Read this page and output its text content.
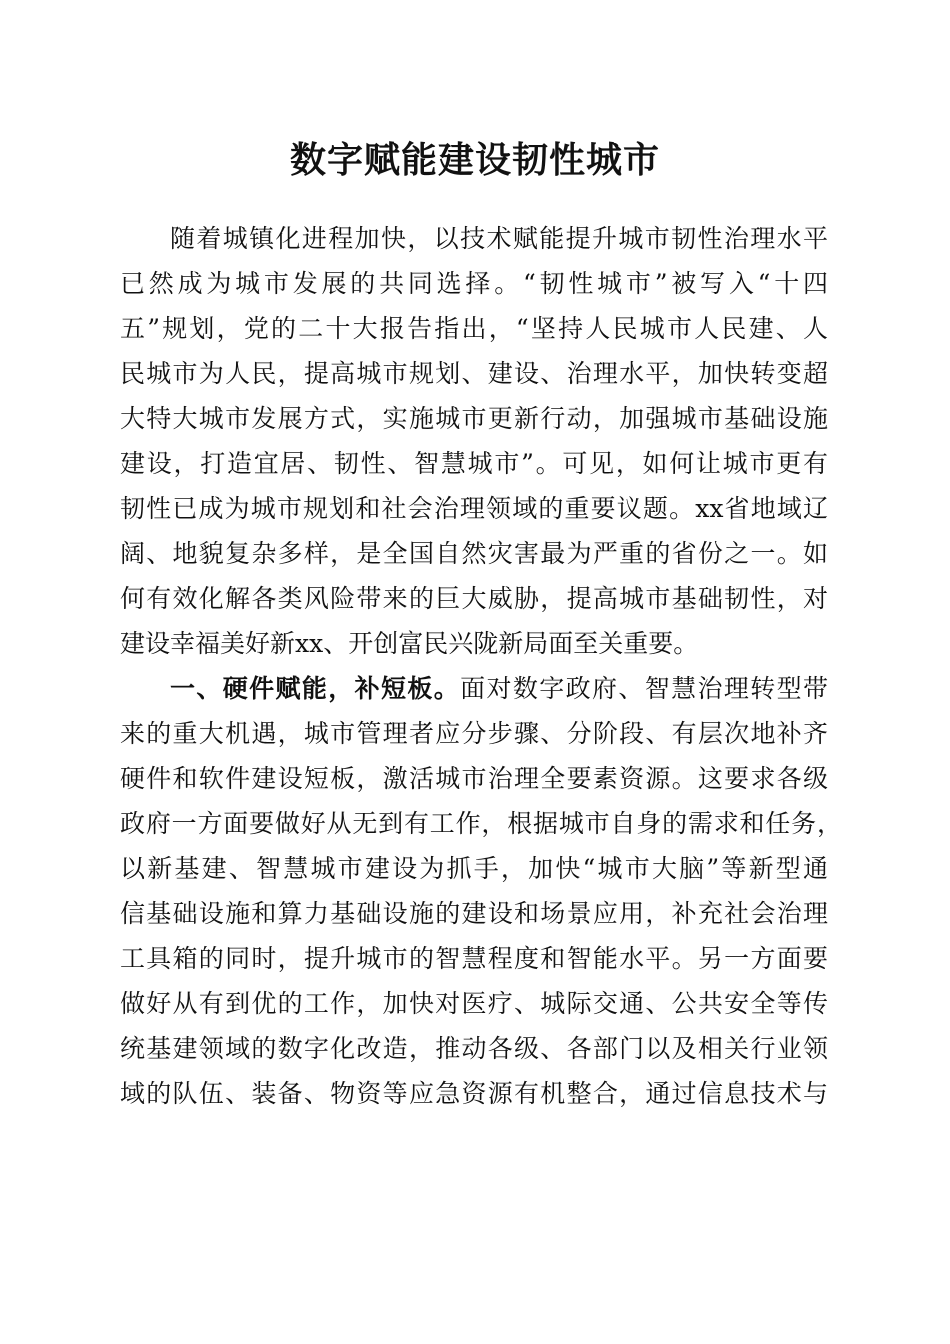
数字赋能建设韧性城市
随着城镇化进程加快，以技术赋能提升城市韧性治理水平
已然成为城市发展的共同选择。“韧性城市”被写入“十四
五”规划，党的二十大报告指出，“坚持人民城市人民建、人
民城市为人民，提高城市规划、建设、治理水平，加快转变超
大特大城市发展方式，实施城市更新行动，加强城市基础设施
建设，打造宜居、韧性、智慧城市”。可见，如何让城市更有
韧性已成为城市规划和社会治理领域的重要议题。xx省地域辽
阔、地貌复杂多样，是全国自然灾害最为严重的省份之一。如
何有效化解各类风险带来的巨大威胁，提高城市基础韧性，对
建设幸福美好新xx、开创富民兴陇新局面至关重要。
一、硬件赋能，补短板。面对数字政府、智慧治理转型带
来的重大机遇，城市管理者应分步骤、分阶段、有层次地补齐
硬件和软件建设短板，激活城市治理全要素资源。这要求各级
政府一方面要做好从无到有工作，根据城市自身的需求和任务，
以新基建、智慧城市建设为抓手，加快“城市大脑”等新型通
信基础设施和算力基础设施的建设和场景应用，补充社会治理
工具箱的同时，提升城市的智慧程度和智能水平。另一方面要
做好从有到优的工作，加快对医疗、城际交通、公共安全等传
统基建领域的数字化改造，推动各级、各部门以及相关行业领
域的队伍、装备、物资等应急资源有机整合，通过信息技术与
